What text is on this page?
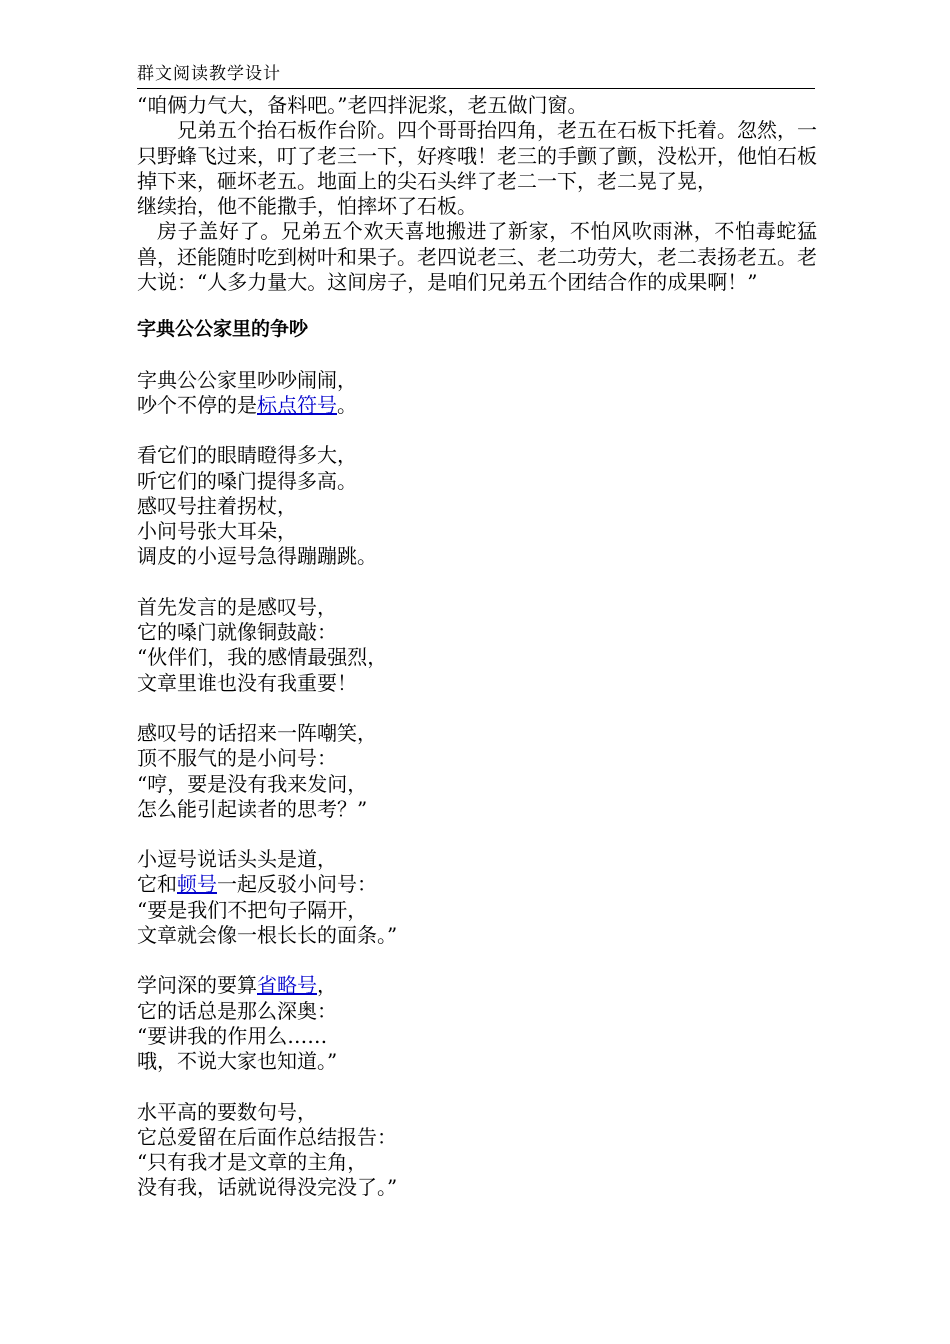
群文阅读教学设计

“咱俩力气大，备料吧。”老四拌泥浆，老五做门窗。

兄弟五个抬石板作台阶。四个哥哥抬四角，老五在石板下托着。忽然，一只野蜂飞过来，叮了老三一下，好疼哦！老三的手颤了颤，没松开，他怕石板掉下来，砸坏老五。地面上的尖石头绊了老二一下，老二晃了晃，

继续抬，他不能撒手，怕摔坏了石板。

房子盖好了。兄弟五个欢天喜地搬进了新家，不怕风吹雨淋，不怕毒蛇猛兽，还能随时吃到树叶和果子。老四说老三、老二功劳大，老二表扬老五。老大说：“人多力量大。这间房子，是咱们兄弟五个团结合作的成果啊！”

字典公公家里的争吵

字典公公家里吵吵闹闹，
吵个不停的是标点符号。

看它们的眼睛瞪得多大，
听它们的嗓门提得多高。
感叹号拄着拐杖，
小问号张大耳朵，
调皮的小逗号急得蹦蹦跳。

首先发言的是感叹号，
它的嗓门就像铜鼓敲：
“伙伴们，我的感情最强烈，
文章里谁也没有我重要！

感叹号的话招来一阵嘲笑，
顶不服气的是小问号：
“哼，要是没有我来发问，
怎么能引起读者的思考？”

小逗号说话头头是道，
它和顿号一起反驳小问号：
“要是我们不把句子隔开，
文章就会像一根长长的面条。”

学问深的要算省略号，
它的话总是那么深奥：
“要讲我的作用么……
哦，不说大家也知道。”

水平高的要数句号，
它总爱留在后面作总结报告：
“只有我才是文章的主角，
没有我，话就说得没完没了。”
